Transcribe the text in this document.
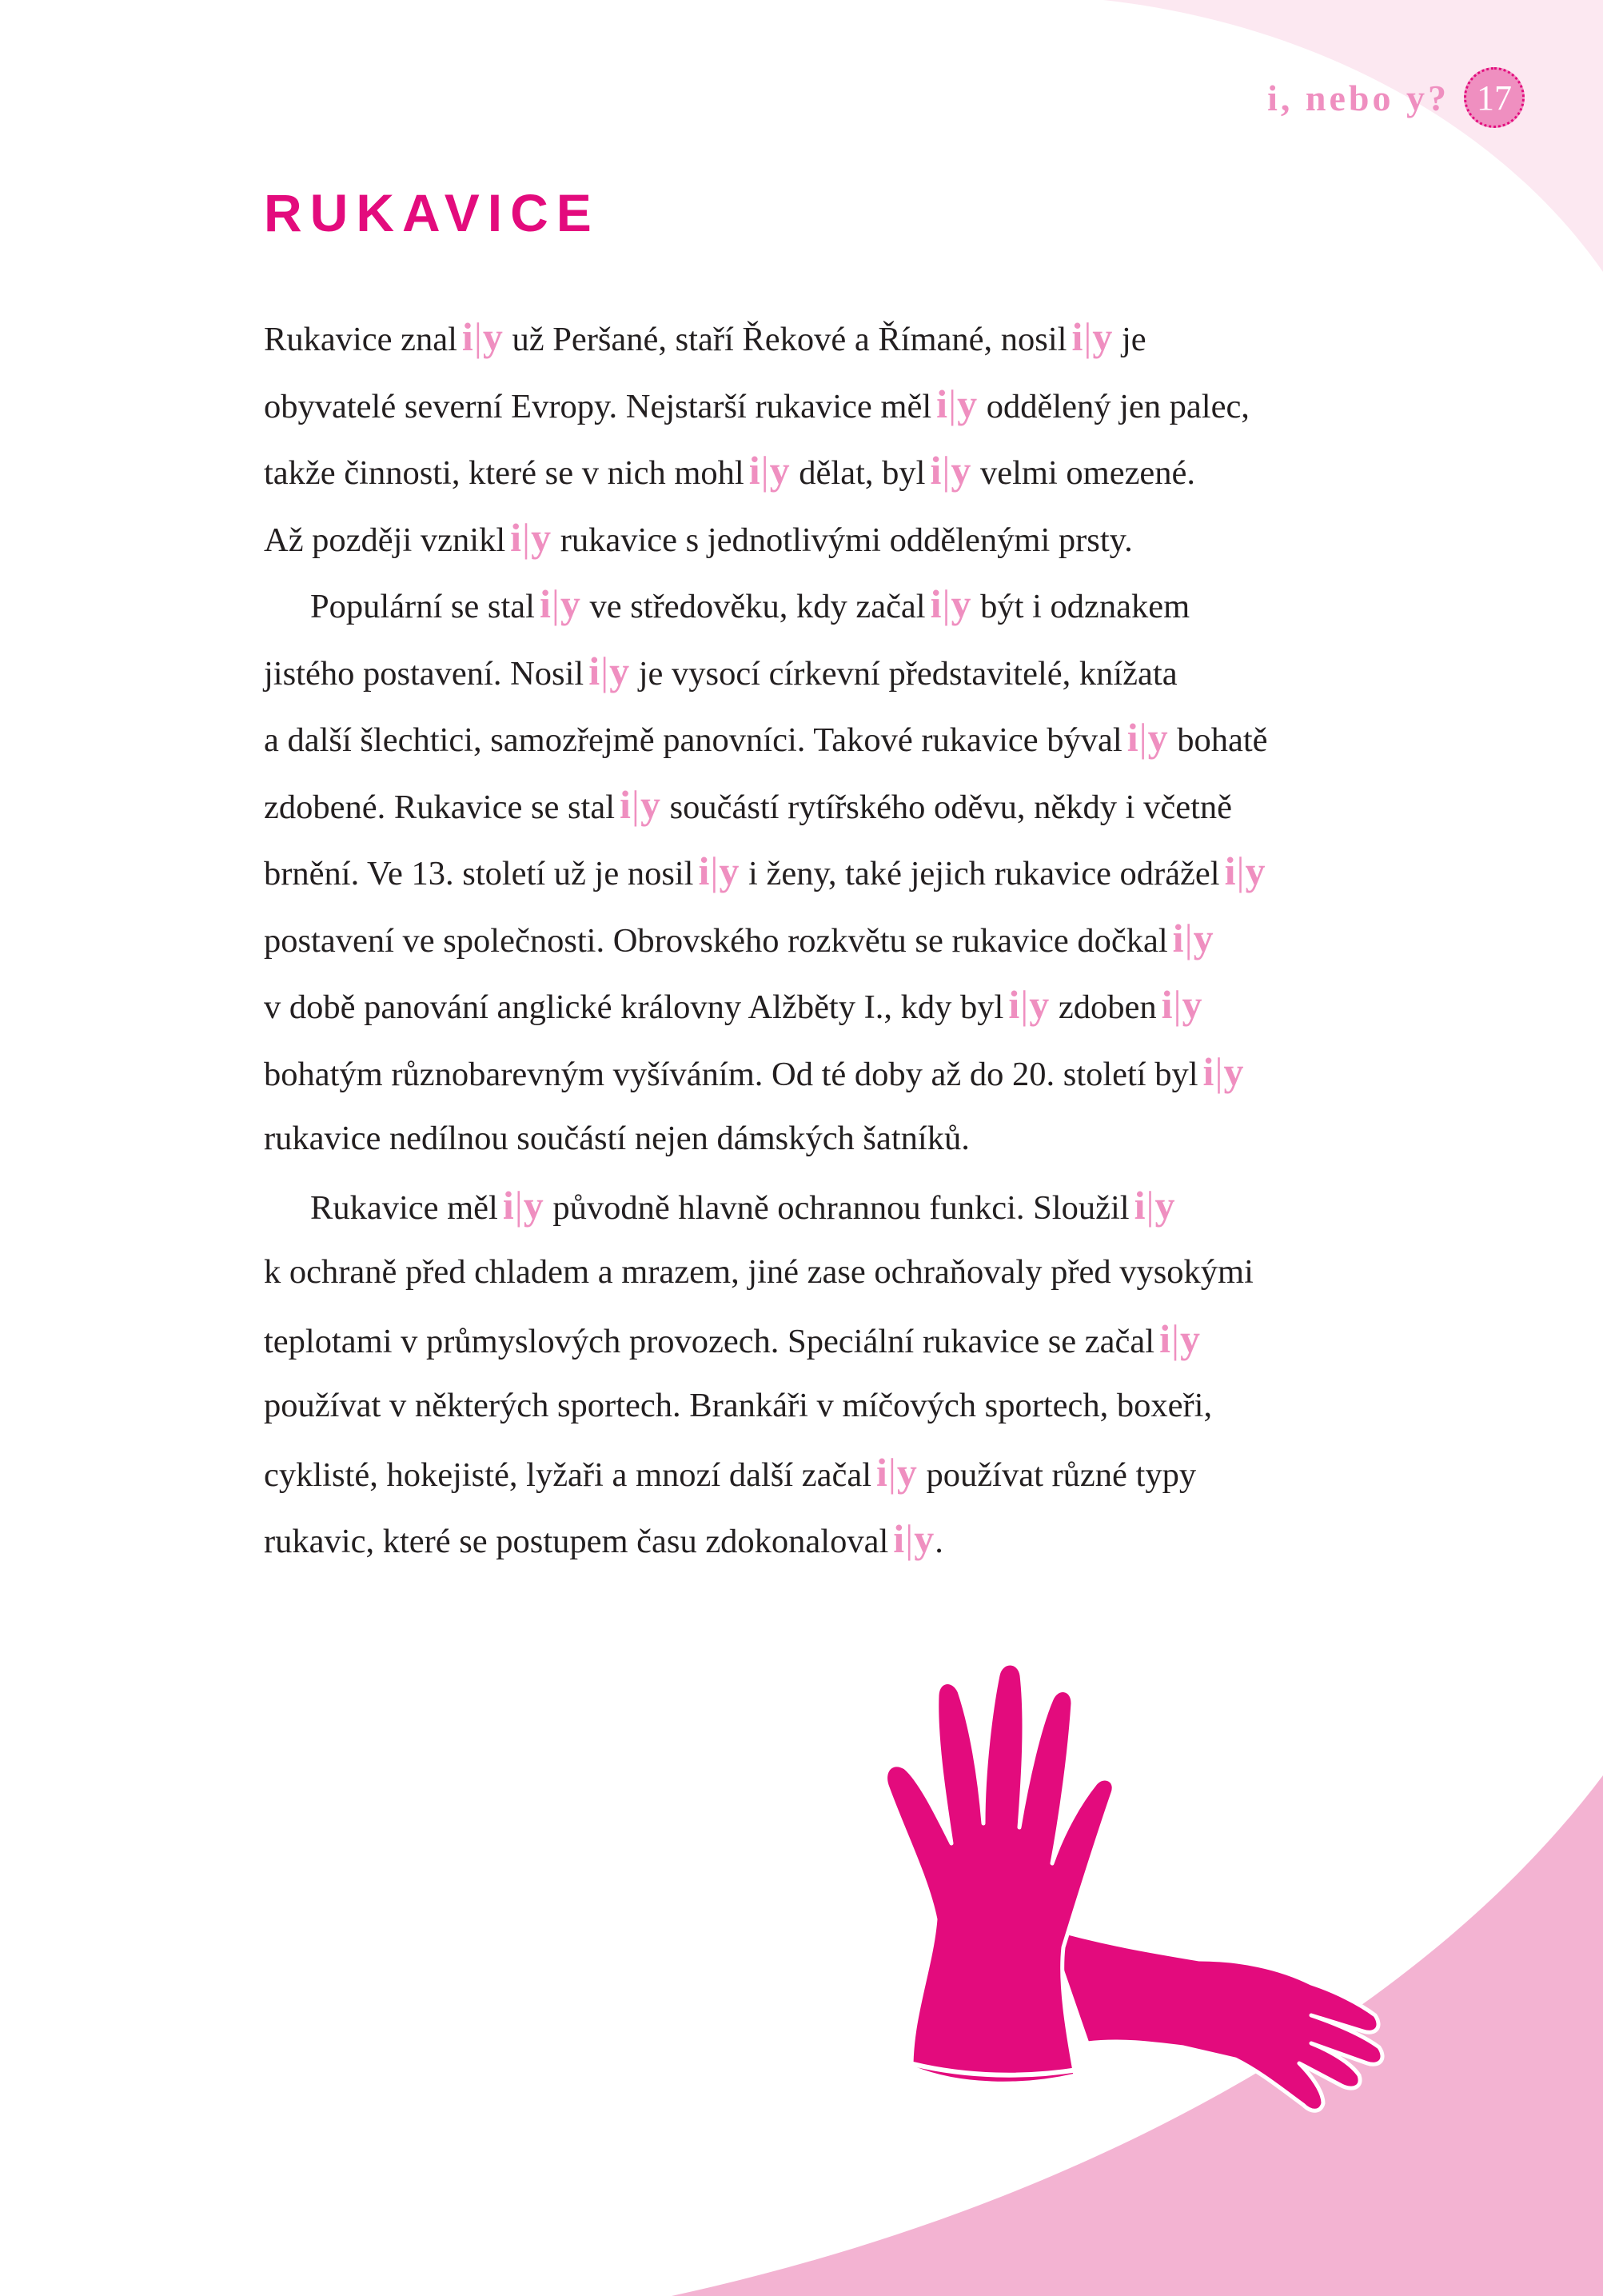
i, nebo y? 17
RUKAVICE
Rukavice znal i|y už Peršané, staří Řekové a Římané, nosil i|y je
obyvatelé severní Evropy. Nejstarší rukavice měl i|y oddělený jen palec,
takže činnosti, které se v nich mohl i|y dělat, byl i|y velmi omezené.
Až později vznikl i|y rukavice s jednotlivými oddělenými prsty.
Populární se stal i|y ve středověku, kdy začal i|y být i odznakem
jistého postavení. Nosil i|y je vysocí církevní představitelé, knížata
a další šlechtici, samozřejmě panovníci. Takové rukavice býval i|y bohatě
zdobené. Rukavice se stal i|y součástí rytířského oděvu, někdy i včetně
brnění. Ve 13. století už je nosil i|y i ženy, také jejich rukavice odrážel i|y
postavení ve společnosti. Obrovského rozkvětu se rukavice dočkal i|y
v době panování anglické královny Alžběty I., kdy byl i|y zdoben i|y
bohatým různobarevným vyšíváním. Od té doby až do 20. století byl i|y
rukavice nedílnou součástí nejen dámských šatníků.
Rukavice měl i|y původně hlavně ochrannou funkci. Sloužil i|y
k ochraně před chladem a mrazem, jiné zase ochraňovaly před vysokými
teplotami v průmyslových provozech. Speciální rukavice se začal i|y
používat v některých sportech. Brankáři v míčových sportech, boxeři,
cyklisté, hokejisté, lyžaři a mnozí další začal i|y používat různé typy
rukavic, které se postupem času zdokonaloval i|y.
